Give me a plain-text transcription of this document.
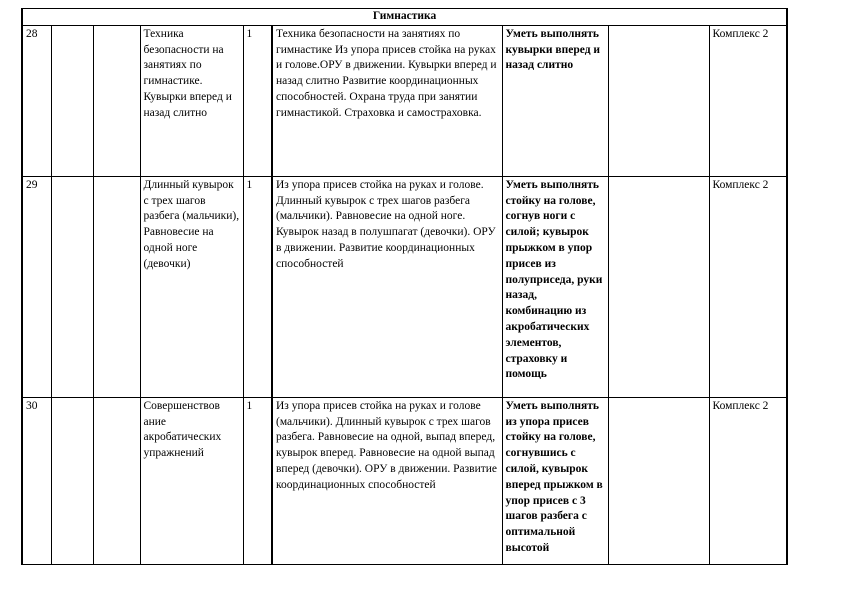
Гимнастика								
28			Техника безопасности на занятиях по гимнастике. Кувырки вперед и назад слитно	1	Техника безопасности на занятиях по гимнастике Из упора присев стойка на руках и голове.ОРУ в движении. Кувырки вперед и назад слитно Развитие координационных способностей. Охрана труда при занятии гимнастикой. Страховка и самостраховка.	Уметь выполнять кувырки вперед и назад слитно		Комплекс 2
29			Длинный кувырок с трех шагов разбега (мальчики), Равновесие на одной ноге (девочки)	1	Из упора присев стойка на руках и голове. Длинный кувырок с трех шагов разбега (мальчики). Равновесие на одной ноге. Кувырок назад в полушпагат (девочки). ОРУ в движении. Развитие координационных способностей	Уметь выполнять стойку на голове, согнув ноги с силой; кувырок прыжком в упор присев из полуприседа, руки назад, комбинацию из акробатических элементов, страховку и помощь		Комплекс 2
30			Совершенствов ание акробатических упражнений	1	Из упора присев стойка на руках и голове (мальчики). Длинный кувырок с трех шагов разбега. Равновесие на одной, выпад вперед, кувырок вперед. Равновесие на одной выпад вперед (девочки). ОРУ в движении. Развитие координационных способностей	Уметь выполнять из упора присев стойку на голове, согнувшись с силой, кувырок вперед прыжком в упор присев с 3 шагов разбега с оптимальной высотой		Комплекс 2
